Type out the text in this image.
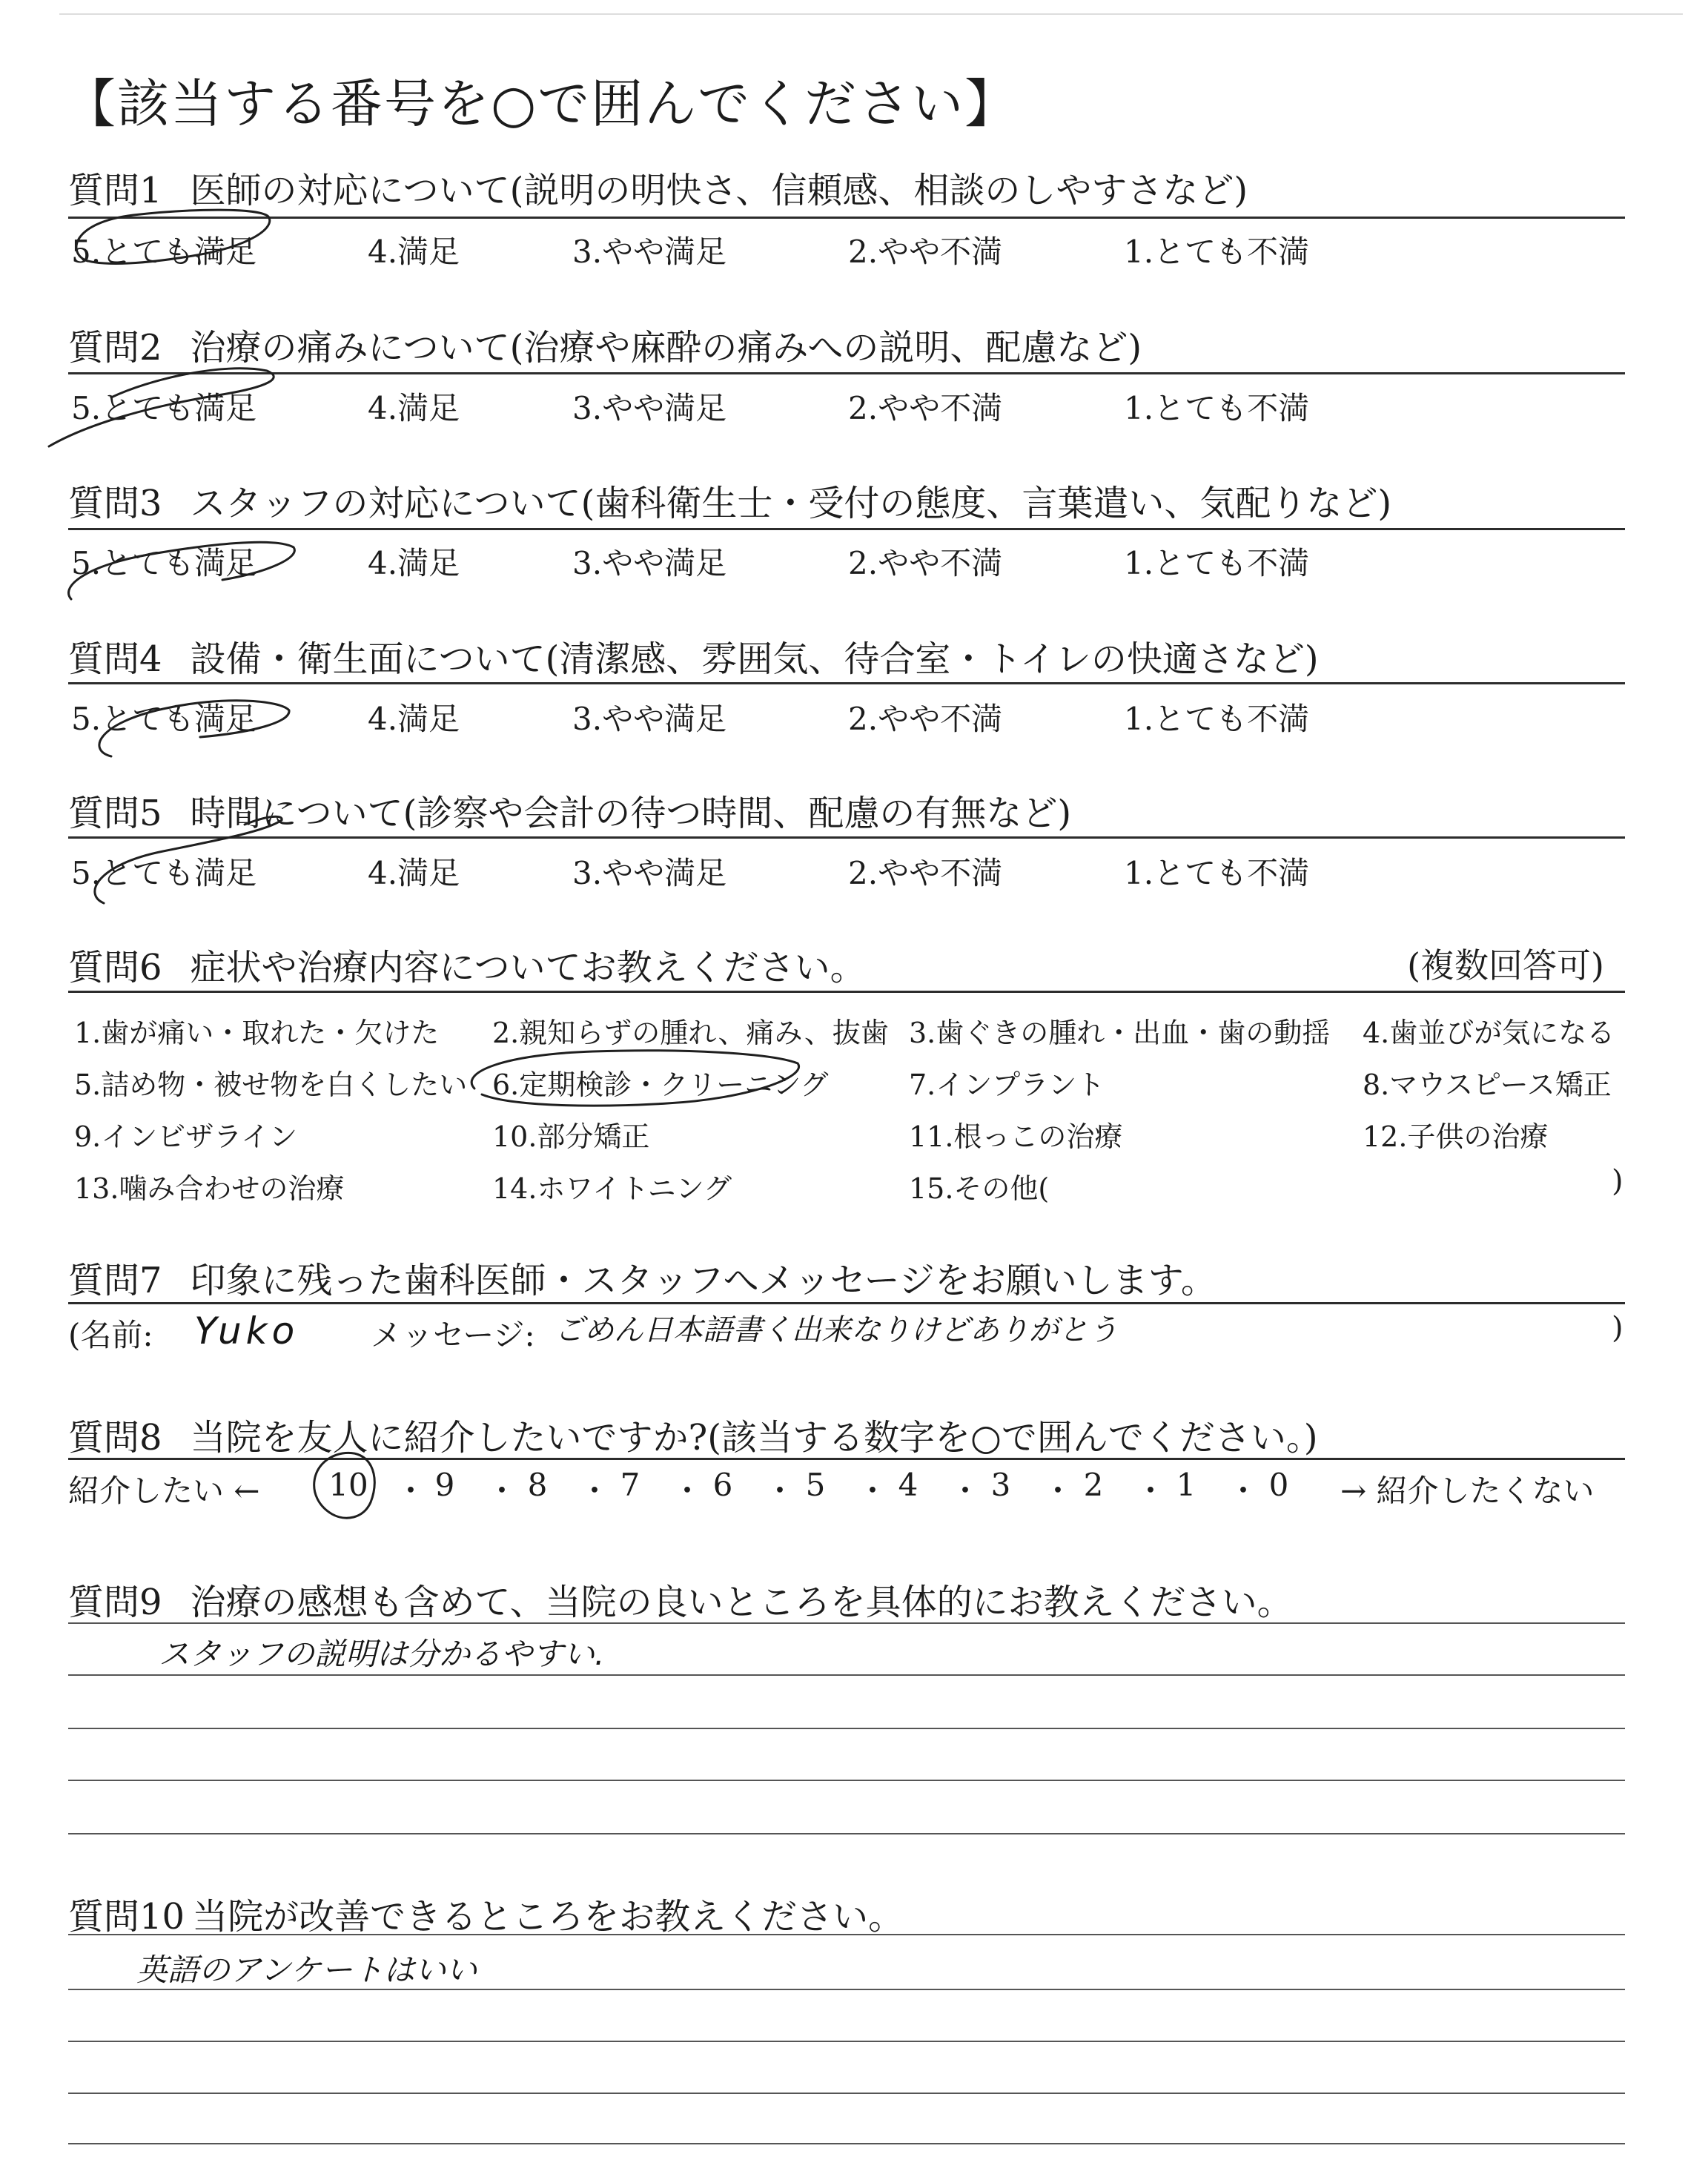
【該当する番号を○で囲んでください】
質問1 医師の対応について(説明の明快さ、信頼感、相談のしやすさなど)
5.とても満足	4.満足	3.やや満足	2.やや不満	1.とても不満
質問2 治療の痛みについて(治療や麻酔の痛みへの説明、配慮など)
5.とても満足	4.満足	3.やや満足	2.やや不満	1.とても不満
質問3 スタッフの対応について(歯科衛生士・受付の態度、言葉遣い、気配りなど)
5.とても満足	4.満足	3.やや満足	2.やや不満	1.とても不満
質問4 設備・衛生面について(清潔感、雰囲気、待合室・トイレの快適さなど)
5.とても満足	4.満足	3.やや満足	2.やや不満	1.とても不満
質問5 時間について(診察や会計の待つ時間、配慮の有無など)
5.とても満足	4.満足	3.やや満足	2.やや不満	1.とても不満
質問6 症状や治療内容についてお教えください。	(複数回答可)
1.歯が痛い・取れた・欠けた 2.親知らずの腫れ、痛み、抜歯 3.歯ぐきの腫れ・出血・歯の動揺 4.歯並びが気になる
5.詰め物・被せ物を白くしたい 6.定期検診・クリーニング	7.インプラント	8.マウスピース矯正
9.インビザライン	10.部分矯正	11.根っこの治療	12.子供の治療
13.噛み合わせの治療	14.ホワイトニング	15.その他(	)
質問7 印象に残った歯科医師・スタッフへメッセージをお願いします。
(名前: Yuko メッセージ: ごめん日本語書く出来なりけどありがとう	)
質問8 当院を友人に紹介したいですか?(該当する数字を○で囲んでください。)
紹介したい ← 10 ・ 9	・ 8	・ 7	・ 6	・ 5	・ 4	・ 3	・ 2	・ 1	・ 0	→ 紹介したくない
質問9 治療の感想も含めて、当院の良いところを具体的にお教えください。
スタッフの説明は分かるやすい.
質問10 当院が改善できるところをお教えください。
英語のアンケートはいい
